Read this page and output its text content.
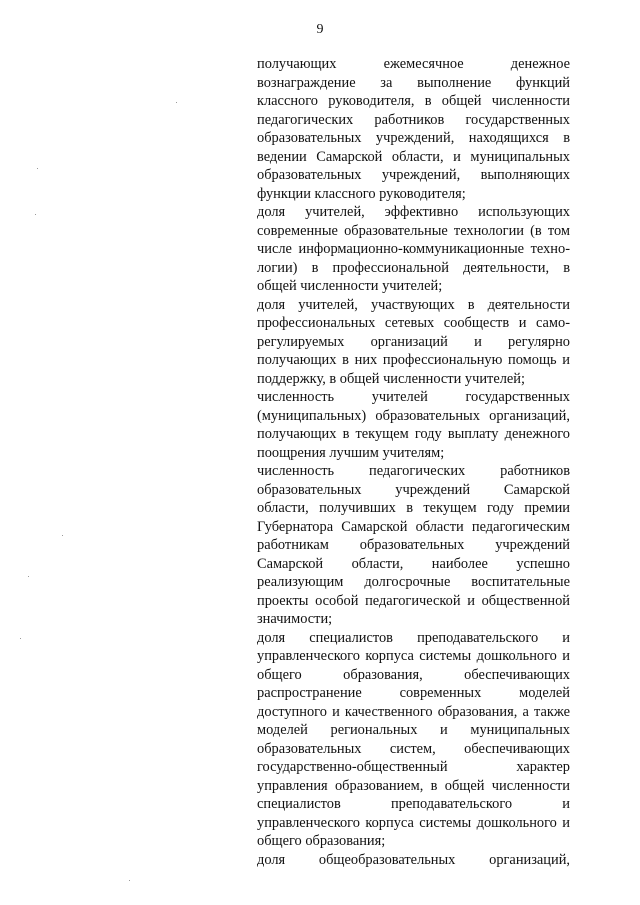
9
получающих ежемесячное денежное
вознаграждение за выполнение функций
классного руководителя, в общей численности
педагогических работников государственных
образовательных учреждений, находящихся в
ведении Самарской области, и муниципальных
образовательных учреждений, выполняющих
функции классного руководителя;
доля учителей, эффективно использующих
современные образовательные технологии (в том
числе информационно-коммуникационные техно-
логии) в профессиональной деятельности, в
общей численности учителей;
доля учителей, участвующих в деятельности
профессиональных сетевых сообществ и само-
регулируемых организаций и регулярно
получающих в них профессиональную помощь и
поддержку, в общей численности учителей;
численность учителей государственных
(муниципальных) образовательных организаций,
получающих в текущем году выплату денежного
поощрения лучшим учителям;
численность педагогических работников
образовательных учреждений Самарской
области, получивших в текущем году премии
Губернатора Самарской области педагогическим
работникам образовательных учреждений
Самарской области, наиболее успешно
реализующим долгосрочные воспитательные
проекты особой педагогической и общественной
значимости;
доля специалистов преподавательского и
управленческого корпуса системы дошкольного и
общего образования, обеспечивающих
распространение современных моделей
доступного и качественного образования, а также
моделей региональных и муниципальных
образовательных систем, обеспечивающих
государственно-общественный характер
управления образованием, в общей численности
специалистов преподавательского и
управленческого корпуса системы дошкольного и
общего образования;
доля общеобразовательных организаций,
